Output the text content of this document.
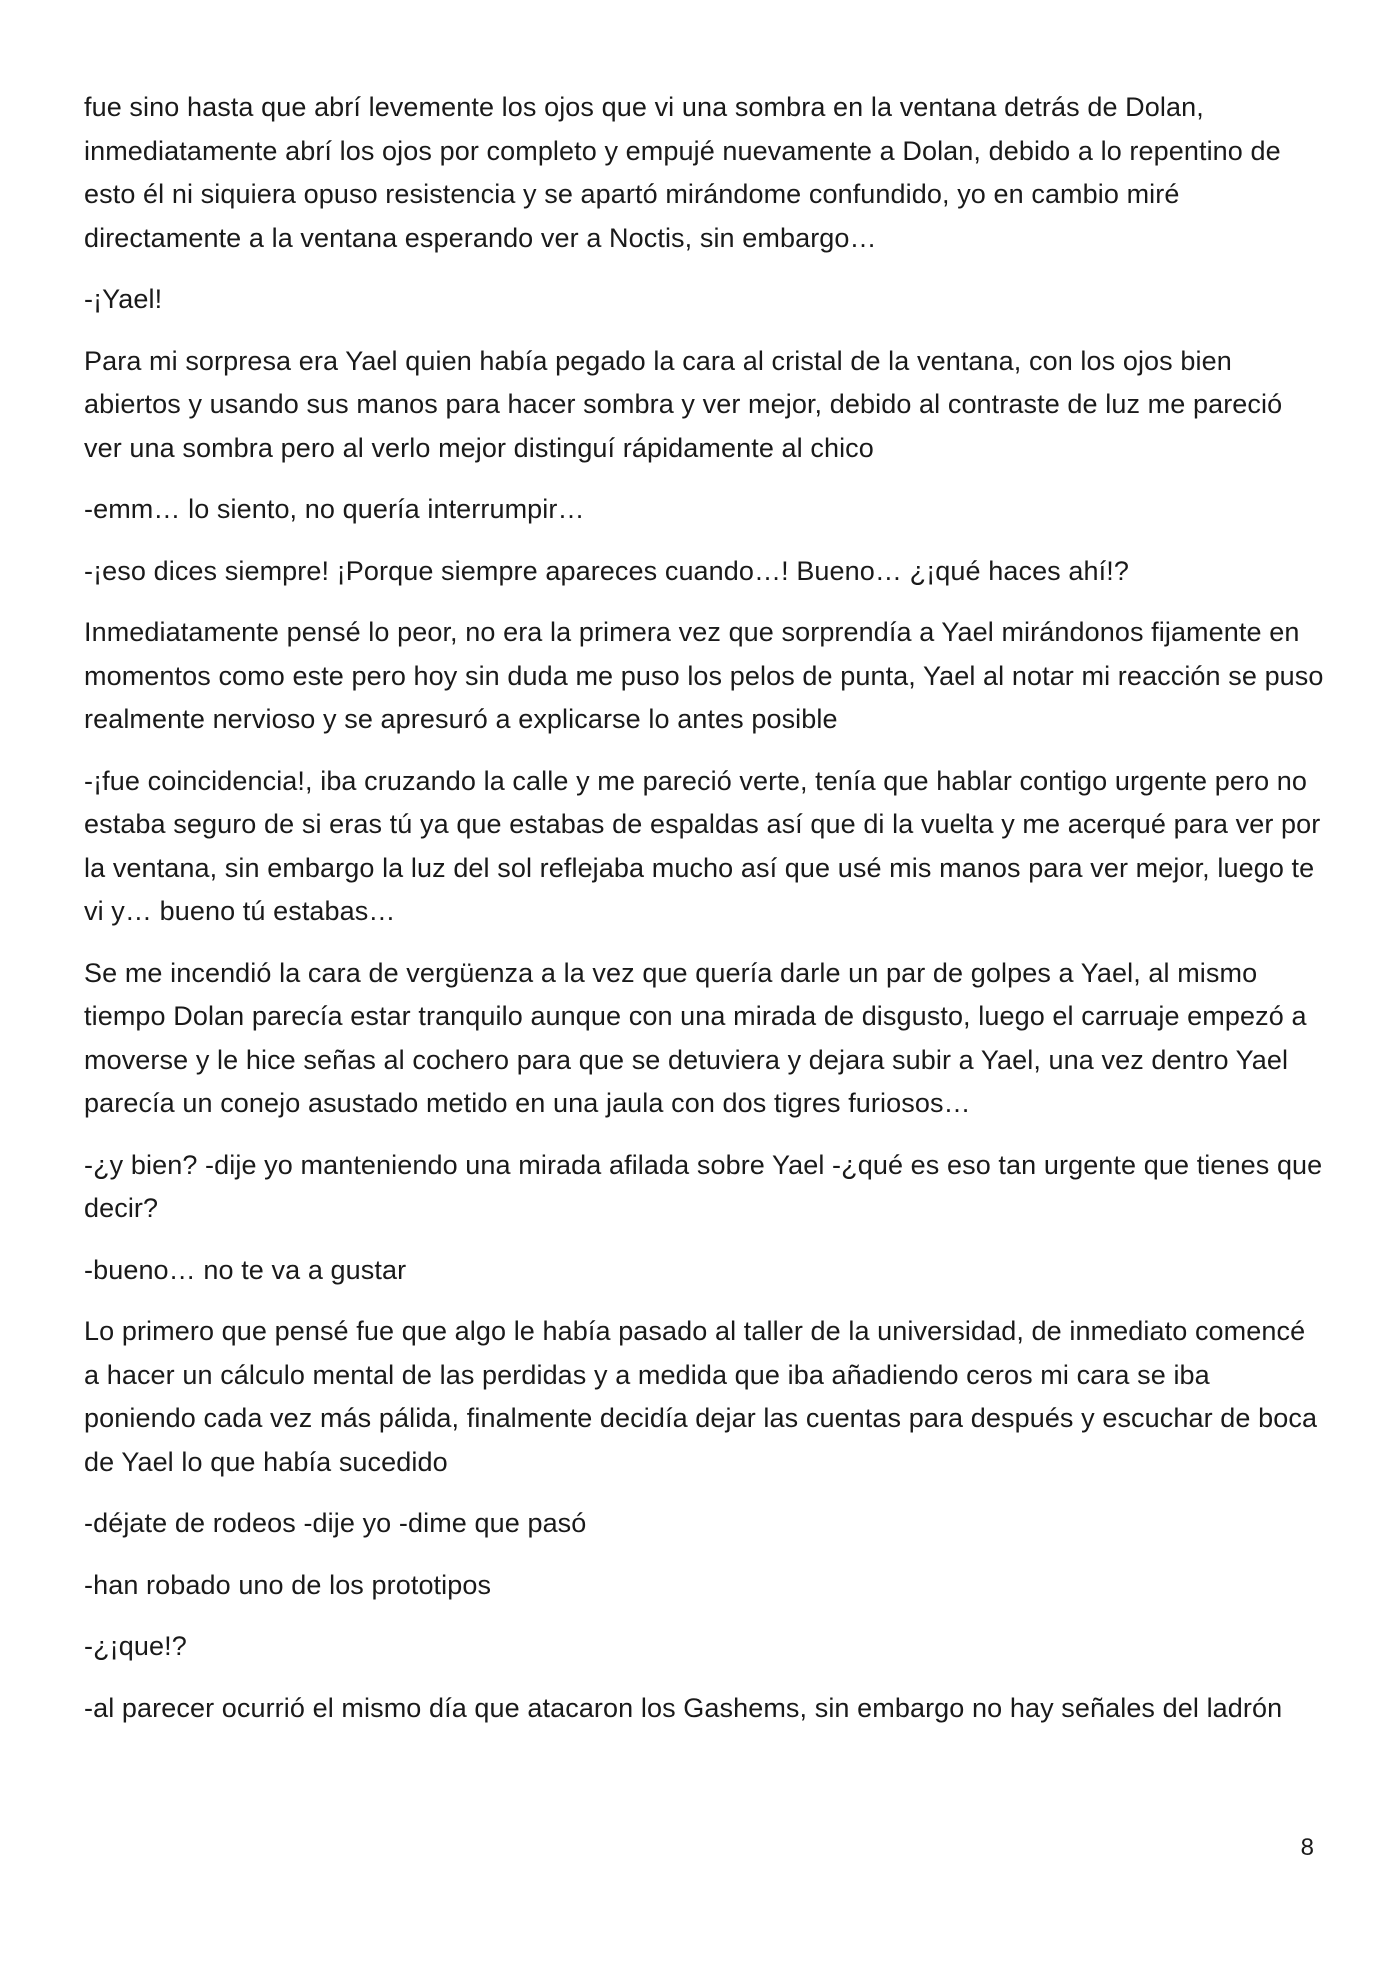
fue sino hasta que abrí levemente los ojos que vi una sombra en la ventana detrás de Dolan, inmediatamente abrí los ojos por completo y empujé nuevamente a Dolan, debido a lo repentino de esto él ni siquiera opuso resistencia y se apartó mirándome confundido, yo en cambio miré directamente a la ventana esperando ver a Noctis, sin embargo…

-¡Yael!

Para mi sorpresa era Yael quien había pegado la cara al cristal de la ventana, con los ojos bien abiertos y usando sus manos para hacer sombra y ver mejor, debido al contraste de luz me pareció ver una sombra pero al verlo mejor distinguí rápidamente al chico

-emm… lo siento, no quería interrumpir…

-¡eso dices siempre! ¡Porque siempre apareces cuando…! Bueno… ¿¡qué haces ahí!?

Inmediatamente pensé lo peor, no era la primera vez que sorprendía a Yael mirándonos fijamente en momentos como este pero hoy sin duda me puso los pelos de punta, Yael al notar mi reacción se puso realmente nervioso y se apresuró a explicarse lo antes posible

-¡fue coincidencia!, iba cruzando la calle y me pareció verte, tenía que hablar contigo urgente pero no estaba seguro de si eras tú ya que estabas de espaldas así que di la vuelta y me acerqué para ver por la ventana, sin embargo la luz del sol reflejaba mucho así que usé mis manos para ver mejor, luego te vi y… bueno tú estabas…

Se me incendió la cara de vergüenza a la vez que quería darle un par de golpes a Yael, al mismo tiempo Dolan parecía estar tranquilo aunque con una mirada de disgusto, luego el carruaje empezó a moverse y le hice señas al cochero para que se detuviera y dejara subir a Yael, una vez dentro Yael parecía un conejo asustado metido en una jaula con dos tigres furiosos…

-¿y bien? -dije yo manteniendo una mirada afilada sobre Yael -¿qué es eso tan urgente que tienes que decir?

-bueno… no te va a gustar

Lo primero que pensé fue que algo le había pasado al taller de la universidad, de inmediato comencé a hacer un cálculo mental de las perdidas y a medida que iba añadiendo ceros mi cara se iba poniendo cada vez más pálida, finalmente decidía dejar las cuentas para después y escuchar de boca de Yael lo que había sucedido

-déjate de rodeos -dije yo -dime que pasó

-han robado uno de los prototipos

-¿¡que!?

-al parecer ocurrió el mismo día que atacaron los Gashems, sin embargo no hay señales del ladrón

8
